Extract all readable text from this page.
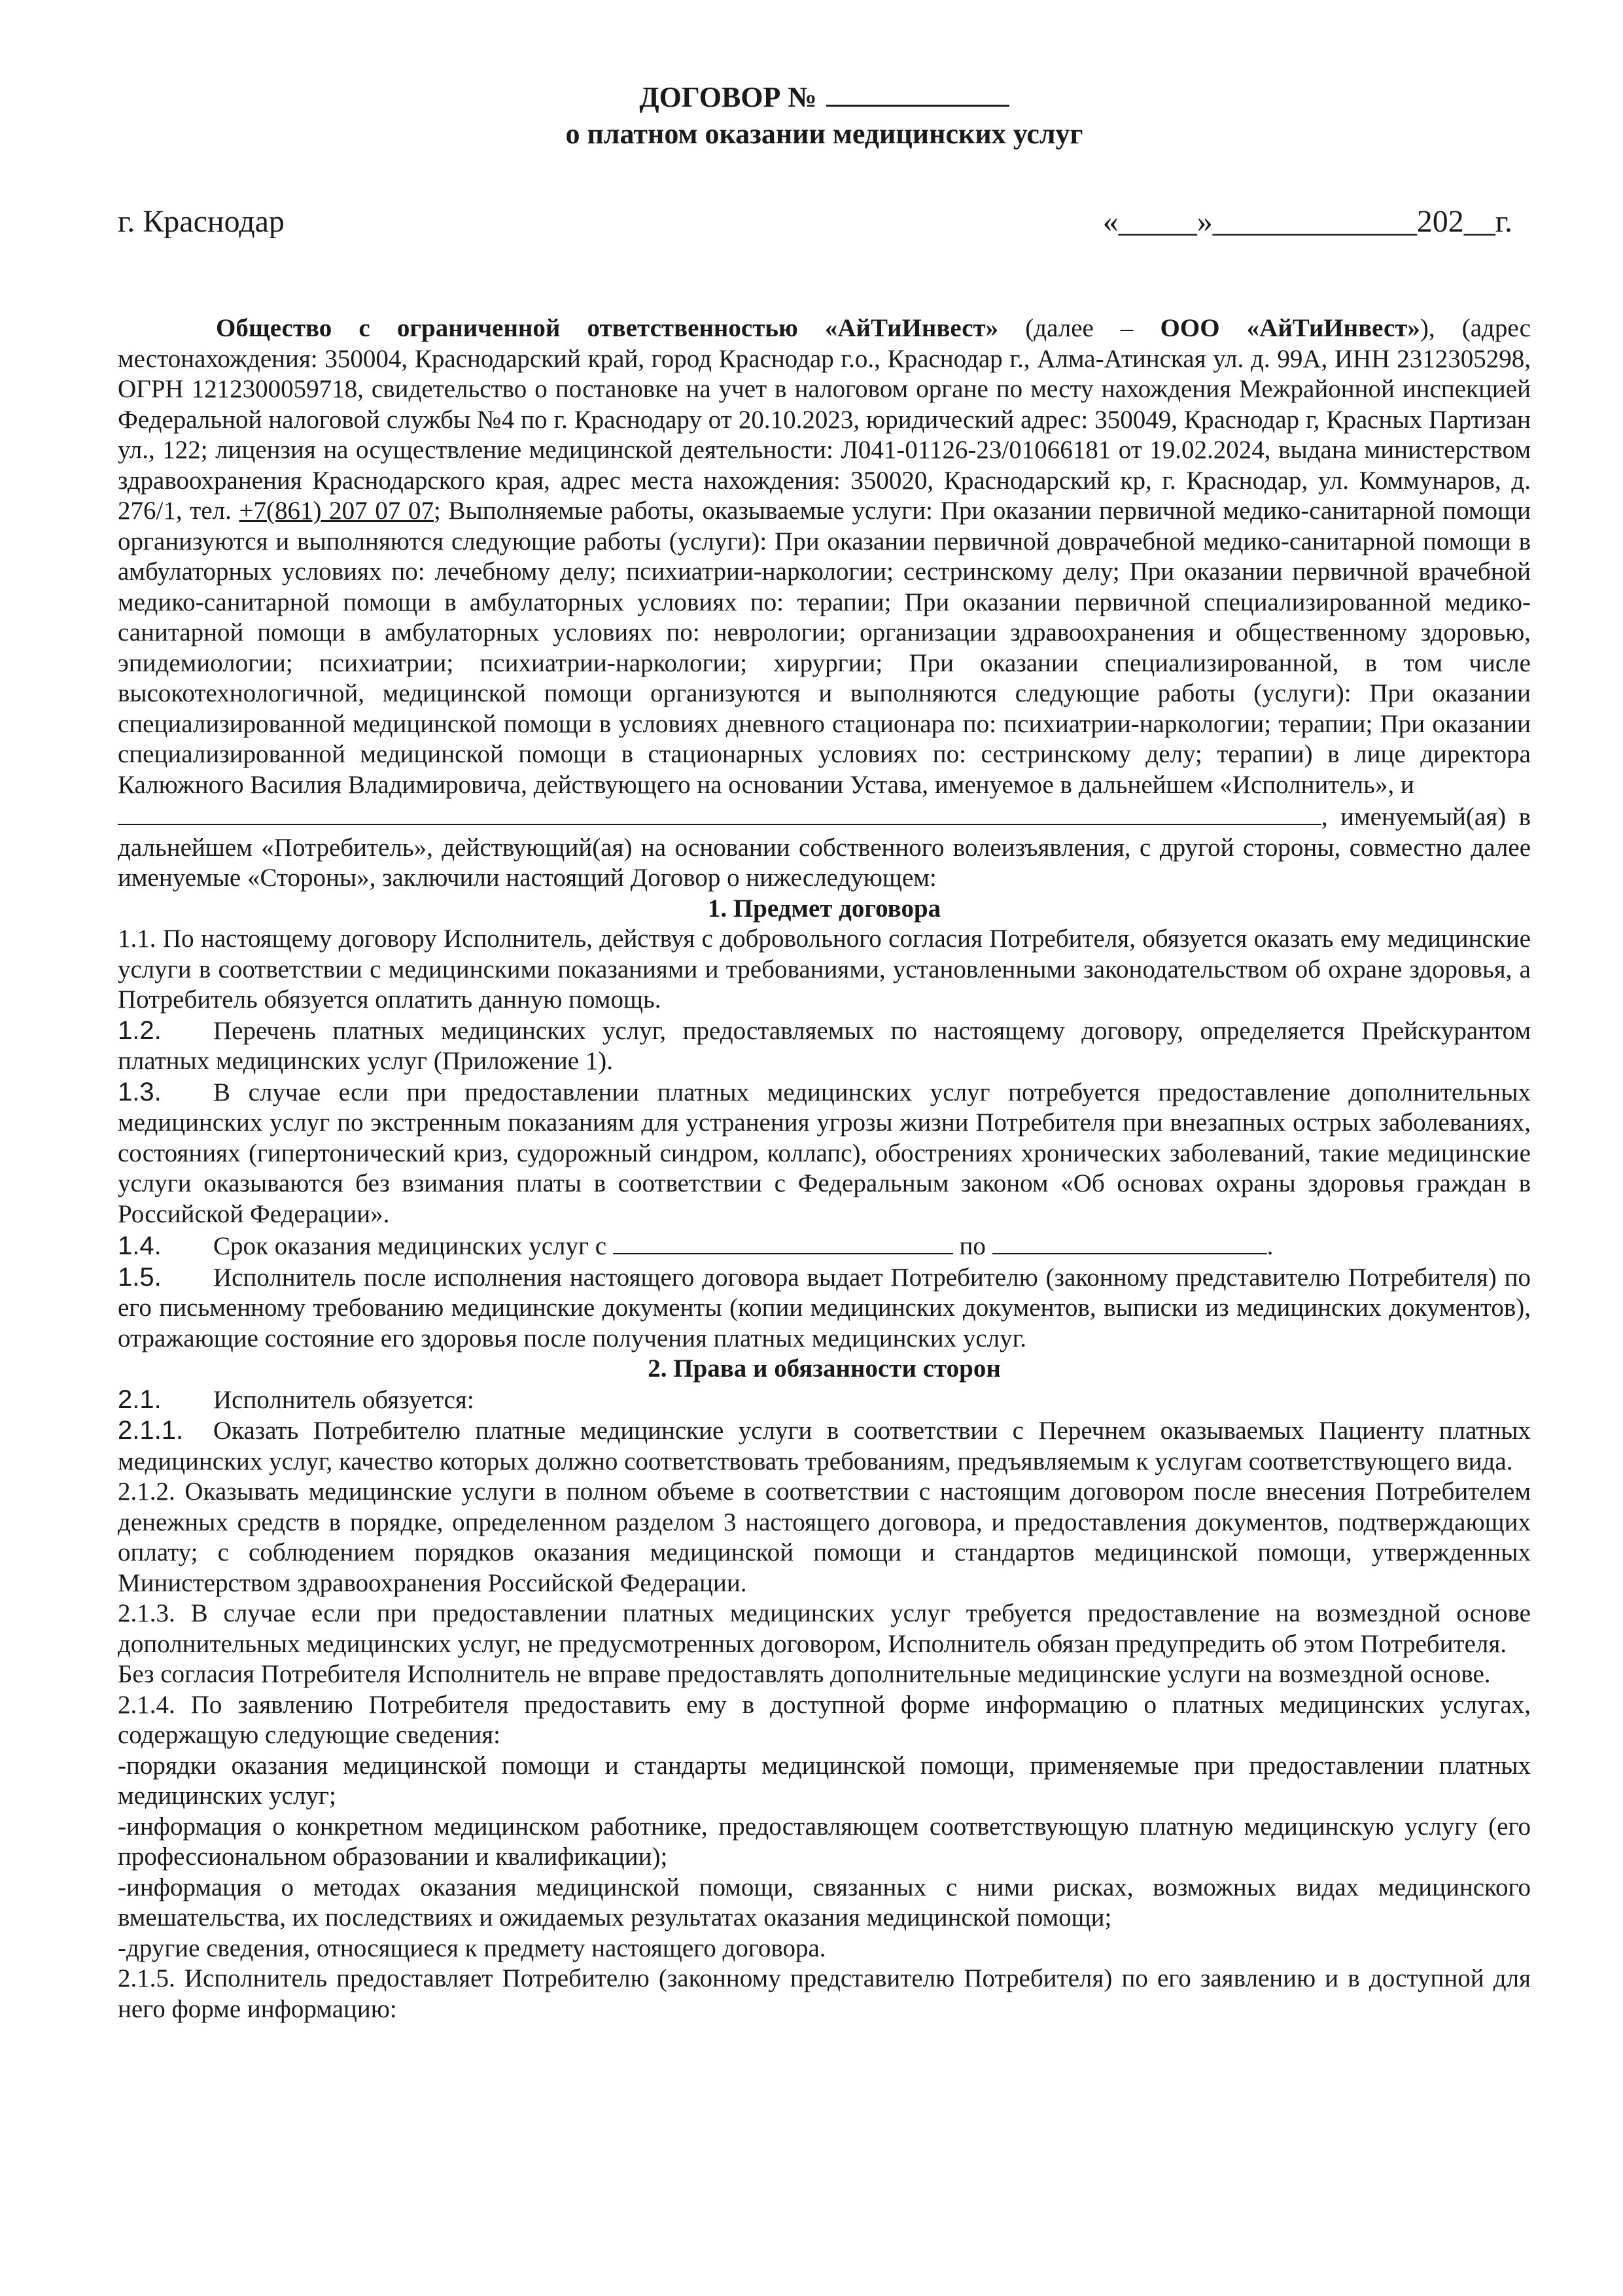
ДОГОВОР №

о платном оказании медицинских услуг

г. Краснодар	«_____»_____________202__г.

Общество с ограниченной ответственностью «АйТиИнвест» (далее – ООО «АйТиИнвест»), (адрес местонахождения: 350004, Краснодарский край, город Краснодар г.о., Краснодар г., Алма-Атинская ул. д. 99А, ИНН 2312305298, ОГРН 1212300059718, свидетельство о постановке на учет в налоговом органе по месту нахождения Межрайонной инспекцией Федеральной налоговой службы №4 по г. Краснодару от 20.10.2023, юридический адрес: 350049, Краснодар г, Красных Партизан ул., 122; лицензия на осуществление медицинской деятельности: Л041-01126-23/01066181 от 19.02.2024, выдана министерством здравоохранения Краснодарского края, адрес места нахождения: 350020, Краснодарский кр, г. Краснодар, ул. Коммунаров, д. 276/1, тел. +7(861) 207 07 07; Выполняемые работы, оказываемые услуги: При оказании первичной медико-санитарной помощи организуются и выполняются следующие работы (услуги): При оказании первичной доврачебной медико-санитарной помощи в амбулаторных условиях по: лечебному делу; психиатрии-наркологии; сестринскому делу; При оказании первичной врачебной медико-санитарной помощи в амбулаторных условиях по: терапии; При оказании первичной специализированной медико-санитарной помощи в амбулаторных условиях по: неврологии; организации здравоохранения и общественному здоровью, эпидемиологии; психиатрии; психиатрии-наркологии; хирургии; При оказании специализированной, в том числе высокотехнологичной, медицинской помощи организуются и выполняются следующие работы (услуги): При оказании специализированной медицинской помощи в условиях дневного стационара по: психиатрии-наркологии; терапии; При оказании специализированной медицинской помощи в стационарных условиях по: сестринскому делу; терапии) в лице директора Калюжного Василия Владимировича, действующего на основании Устава, именуемое в дальнейшем «Исполнитель», и

,  именуемый(ая)  в

дальнейшем «Потребитель», действующий(ая) на основании собственного волеизъявления, с другой стороны, совместно далее именуемые «Стороны», заключили настоящий Договор о нижеследующем:

1. Предмет договора

1.1. По настоящему договору Исполнитель, действуя с добровольного согласия Потребителя, обязуется оказать ему медицинские услуги в соответствии с медицинскими показаниями и требованиями, установленными законодательством об охране здоровья, а Потребитель обязуется оплатить данную помощь.

1.2. Перечень платных медицинских услуг, предоставляемых по настоящему договору, определяется Прейскурантом платных медицинских услуг (Приложение 1).

1.3. В случае если при предоставлении платных медицинских услуг потребуется предоставление дополнительных медицинских услуг по экстренным показаниям для устранения угрозы жизни Потребителя при внезапных острых заболеваниях, состояниях (гипертонический криз, судорожный синдром, коллапс), обострениях хронических заболеваний, такие медицинские услуги оказываются без взимания платы в соответствии с Федеральным законом «Об основах охраны здоровья граждан в Российской Федерации».

1.4. Срок оказания медицинских услуг с	по	.

1.5. Исполнитель после исполнения настоящего договора выдает Потребителю (законному представителю Потребителя) по его письменному требованию медицинские документы (копии медицинских документов, выписки из медицинских документов), отражающие состояние его здоровья после получения платных медицинских услуг.

2. Права и обязанности сторон

2.1. Исполнитель обязуется:

2.1.1. Оказать Потребителю платные медицинские услуги в соответствии с Перечнем оказываемых Пациенту платных медицинских услуг, качество которых должно соответствовать требованиям, предъявляемым к услугам соответствующего вида.

2.1.2. Оказывать медицинские услуги в полном объеме в соответствии с настоящим договором после внесения Потребителем денежных средств в порядке, определенном разделом 3 настоящего договора, и предоставления документов, подтверждающих оплату; с соблюдением порядков оказания медицинской помощи и стандартов медицинской помощи, утвержденных Министерством здравоохранения Российской Федерации.

2.1.3. В случае если при предоставлении платных медицинских услуг требуется предоставление на возмездной основе дополнительных медицинских услуг, не предусмотренных договором, Исполнитель обязан предупредить об этом Потребителя.

Без согласия Потребителя Исполнитель не вправе предоставлять дополнительные медицинские услуги на возмездной основе.

2.1.4. По заявлению Потребителя предоставить ему в доступной форме информацию о платных медицинских услугах, содержащую следующие сведения:

-порядки оказания медицинской помощи и стандарты медицинской помощи, применяемые при предоставлении платных медицинских услуг;

-информация о конкретном медицинском работнике, предоставляющем соответствующую платную медицинскую услугу (его профессиональном образовании и квалификации);

-информация о методах оказания медицинской помощи, связанных с ними рисках, возможных видах медицинского вмешательства, их последствиях и ожидаемых результатах оказания медицинской помощи;

-другие сведения, относящиеся к предмету настоящего договора.

2.1.5. Исполнитель предоставляет Потребителю (законному представителю Потребителя) по его заявлению и в доступной для него форме информацию:
